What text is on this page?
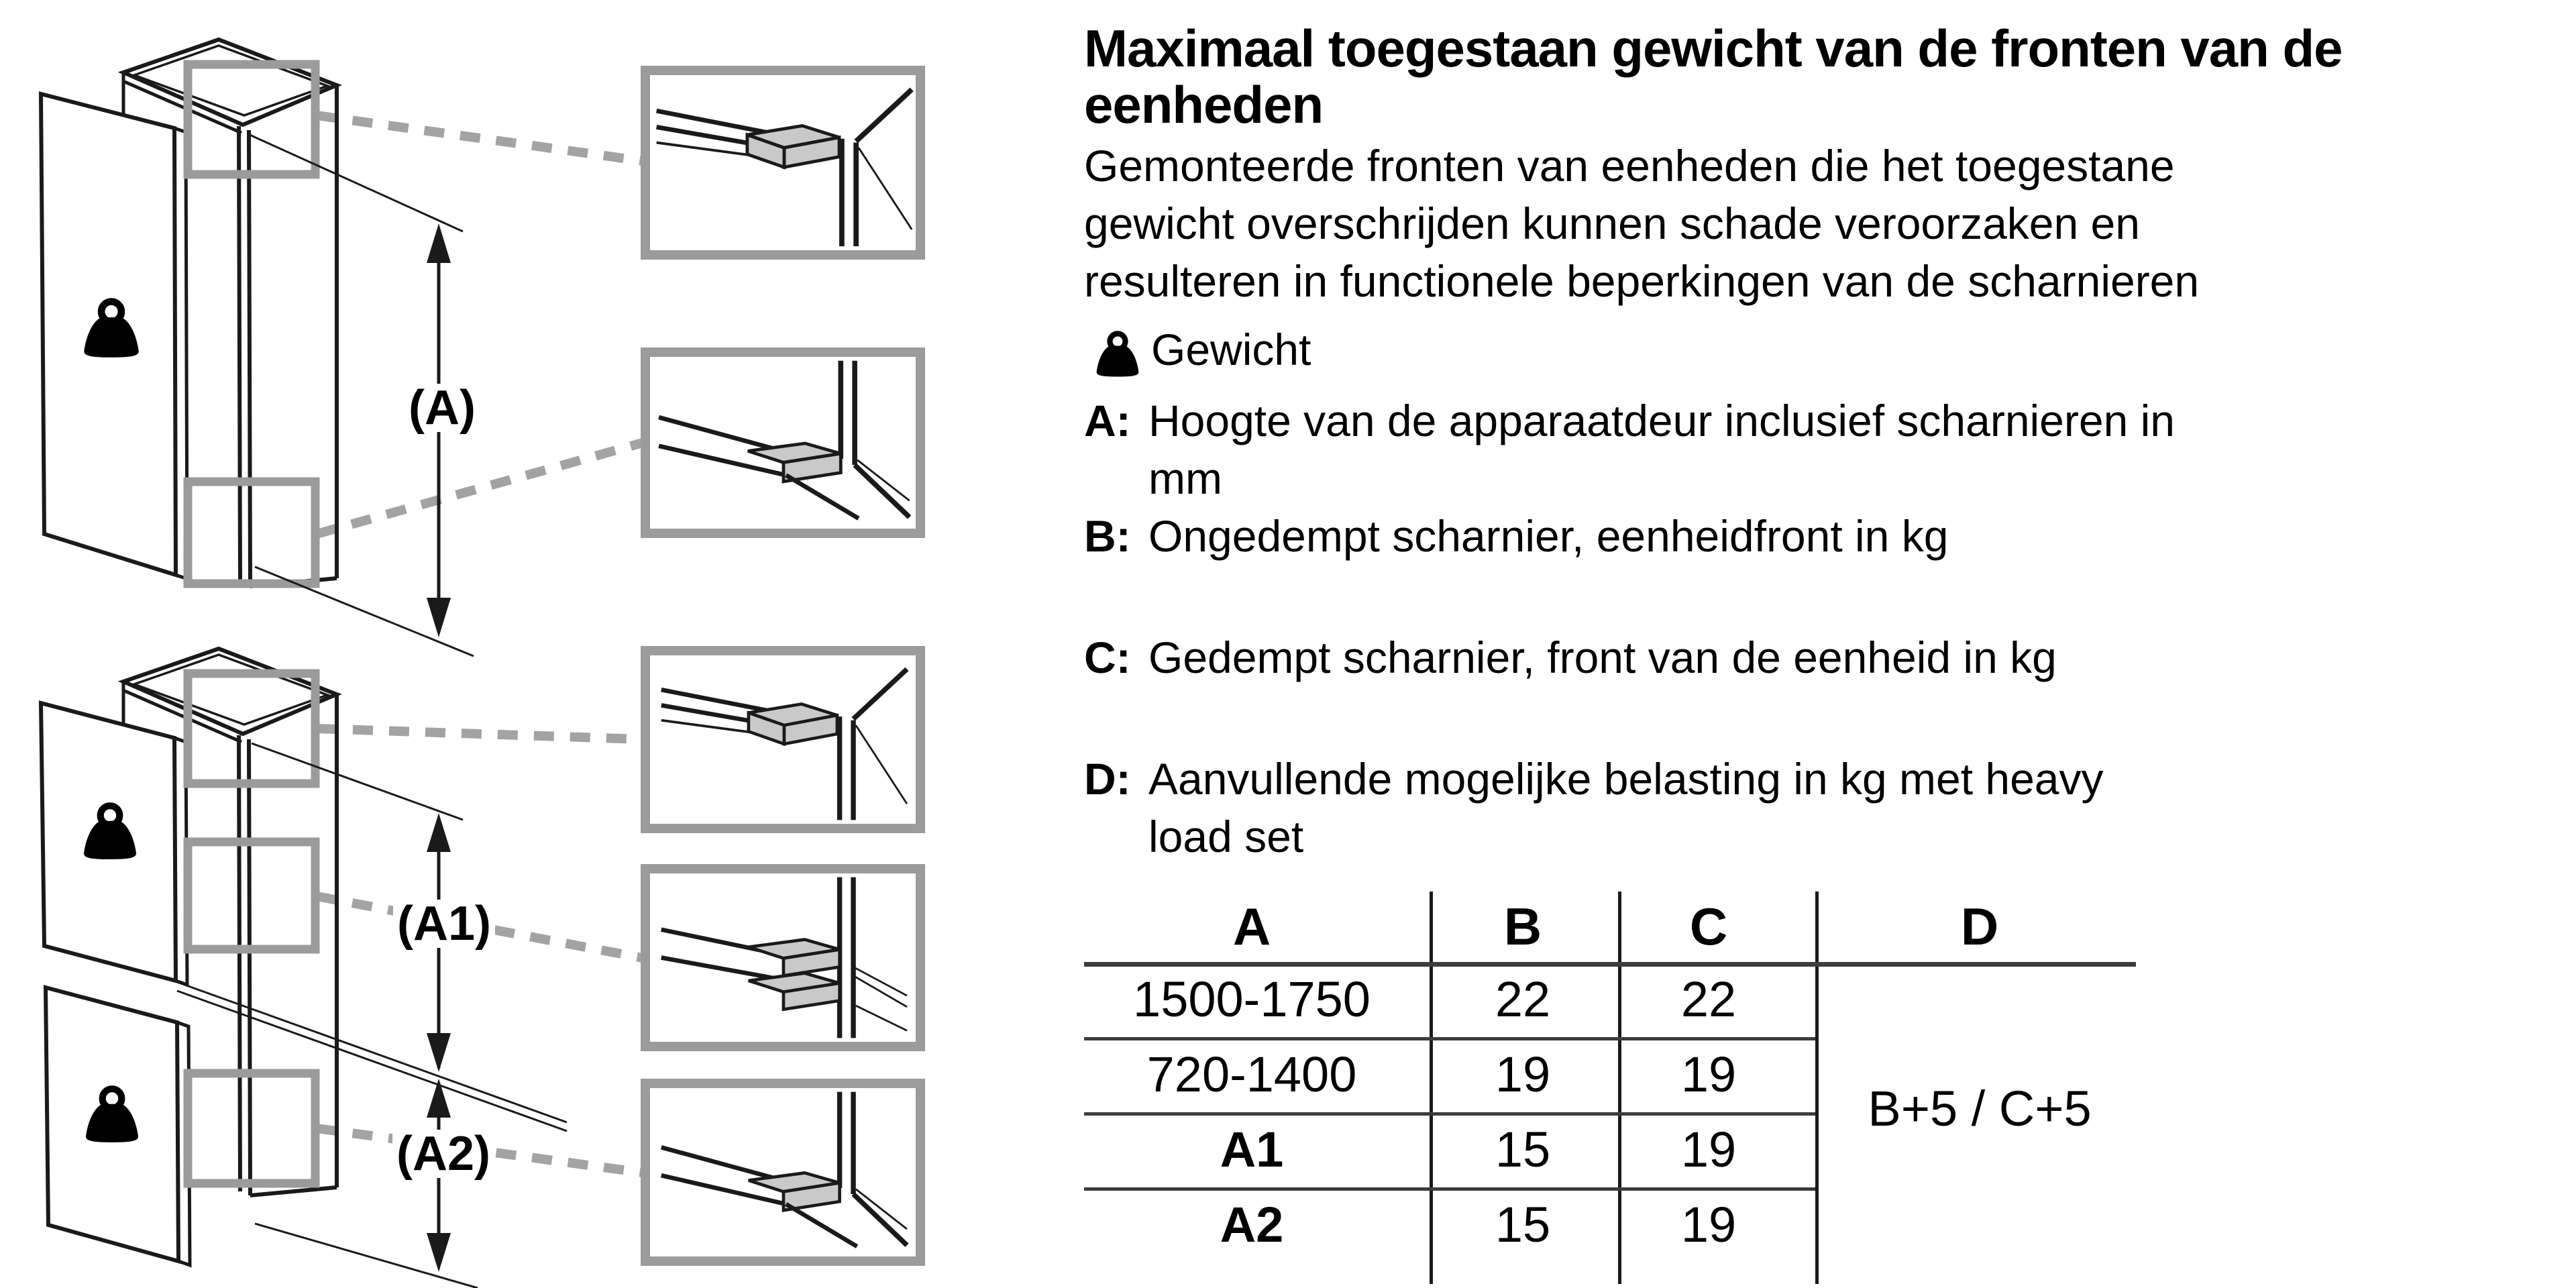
(A)
(A1)
(A2)
Maximaal toegestaan gewicht van de fronten van de
eenheden
Gemonteerde fronten van eenheden die het toegestane
gewicht overschrijden kunnen schade veroorzaken en
resulteren in functionele beperkingen van de scharnieren
Gewicht
A: Hoogte van de apparaatdeur inclusief scharnieren in
mm
B: Ongedempt scharnier, eenheidfront in kg
C: Gedempt scharnier, front van de eenheid in kg
D: Aanvullende mogelijke belasting in kg met heavy
load set
A	B	C	D
1500-1750	22	22
720-1400	19	19
A1	15	19
A2	15	19
B+5 / C+5
